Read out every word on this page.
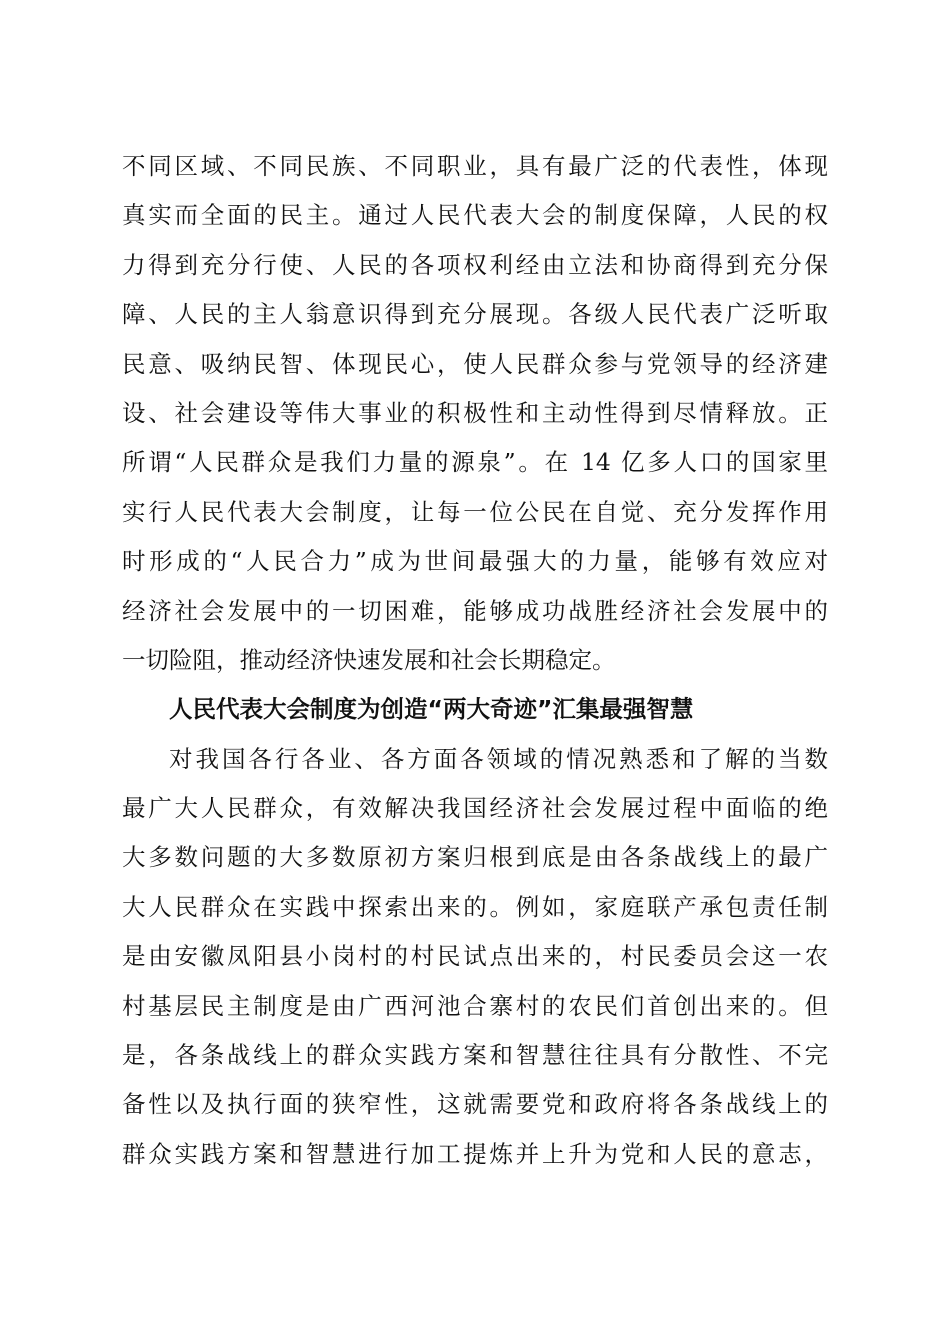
不同区域、不同民族、不同职业，具有最广泛的代表性，体现
真实而全面的民主。通过人民代表大会的制度保障，人民的权
力得到充分行使、人民的各项权利经由立法和协商得到充分保
障、人民的主人翁意识得到充分展现。各级人民代表广泛听取
民意、吸纳民智、体现民心，使人民群众参与党领导的经济建
设、社会建设等伟大事业的积极性和主动性得到尽情释放。正
所谓“人民群众是我们力量的源泉”。在 14 亿多人口的国家里
实行人民代表大会制度，让每一位公民在自觉、充分发挥作用
时形成的“人民合力”成为世间最强大的力量，能够有效应对
经济社会发展中的一切困难，能够成功战胜经济社会发展中的
一切险阻，推动经济快速发展和社会长期稳定。
人民代表大会制度为创造“两大奇迹”汇集最强智慧
对我国各行各业、各方面各领域的情况熟悉和了解的当数
最广大人民群众，有效解决我国经济社会发展过程中面临的绝
大多数问题的大多数原初方案归根到底是由各条战线上的最广
大人民群众在实践中探索出来的。例如，家庭联产承包责任制
是由安徽凤阳县小岗村的村民试点出来的，村民委员会这一农
村基层民主制度是由广西河池合寨村的农民们首创出来的。但
是，各条战线上的群众实践方案和智慧往往具有分散性、不完
备性以及执行面的狭窄性，这就需要党和政府将各条战线上的
群众实践方案和智慧进行加工提炼并上升为党和人民的意志，
